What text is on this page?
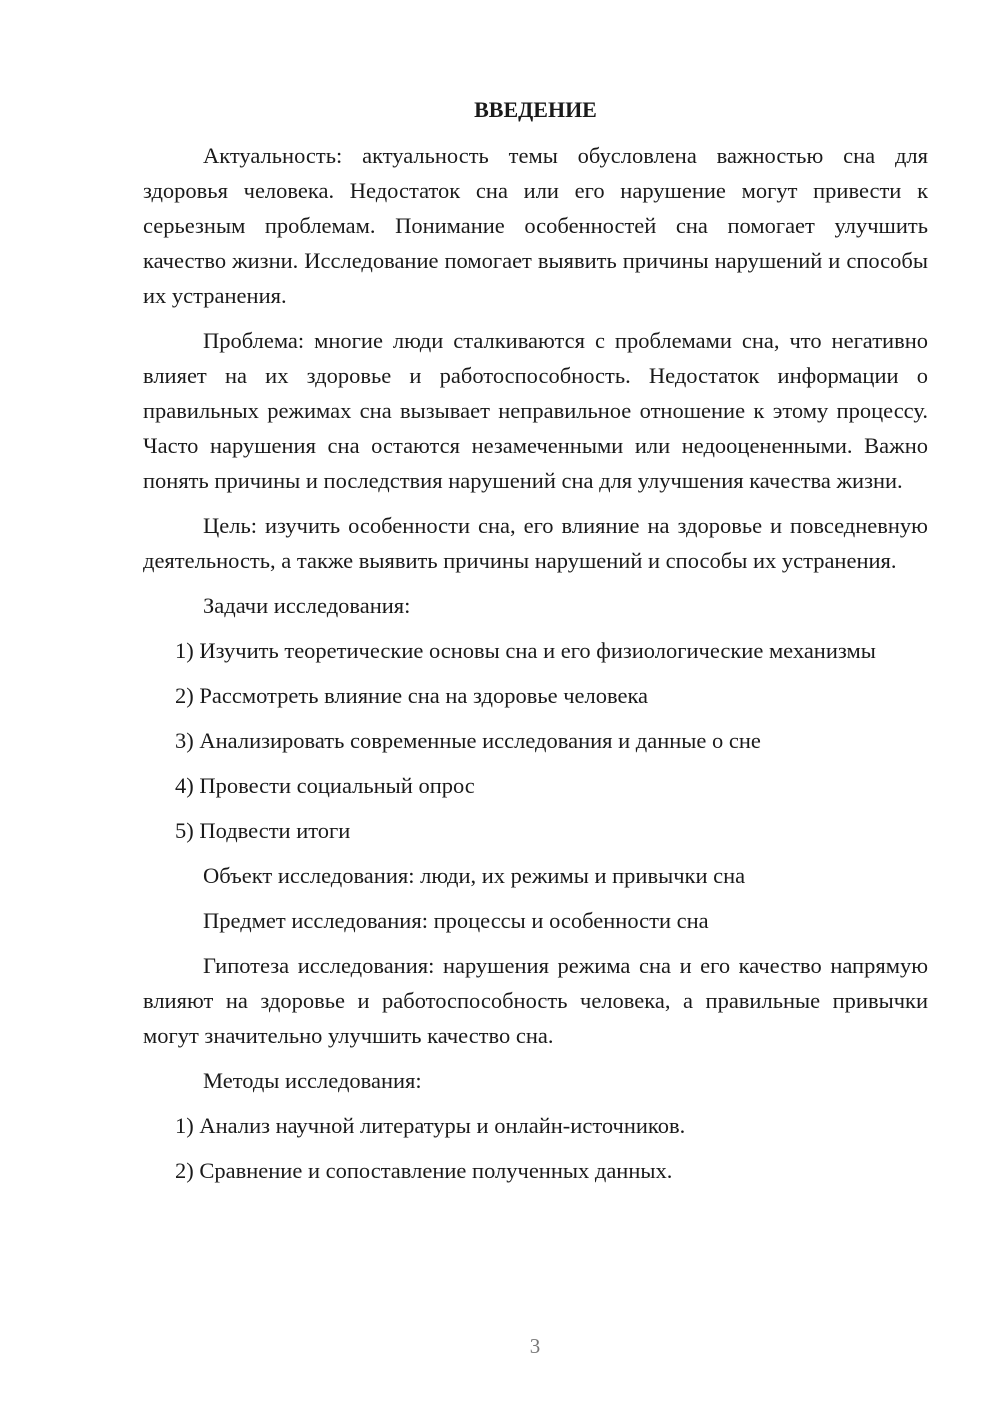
ВВЕДЕНИЕ

Актуальность: актуальность темы обусловлена важностью сна для здоровья человека. Недостаток сна или его нарушение могут привести к серьезным проблемам. Понимание особенностей сна помогает улучшить качество жизни. Исследование помогает выявить причины нарушений и способы их устранения.

Проблема: многие люди сталкиваются с проблемами сна, что негативно влияет на их здоровье и работоспособность. Недостаток информации о правильных режимах сна вызывает неправильное отношение к этому процессу. Часто нарушения сна остаются незамеченными или недооцененными. Важно понять причины и последствия нарушений сна для улучшения качества жизни.

Цель: изучить особенности сна, его влияние на здоровье и повседневную деятельность, а также выявить причины нарушений и способы их устранения.

Задачи исследования:

1) Изучить теоретические основы сна и его физиологические механизмы

2) Рассмотреть влияние сна на здоровье человека

3) Анализировать современные исследования и данные о сне

4) Провести социальный опрос

5) Подвести итоги

Объект исследования: люди, их режимы и привычки сна

Предмет исследования: процессы и особенности сна

Гипотеза исследования: нарушения режима сна и его качество напрямую влияют на здоровье и работоспособность человека, а правильные привычки могут значительно улучшить качество сна.

Методы исследования:

1) Анализ научной литературы и онлайн-источников.

2) Сравнение и сопоставление полученных данных.

3
